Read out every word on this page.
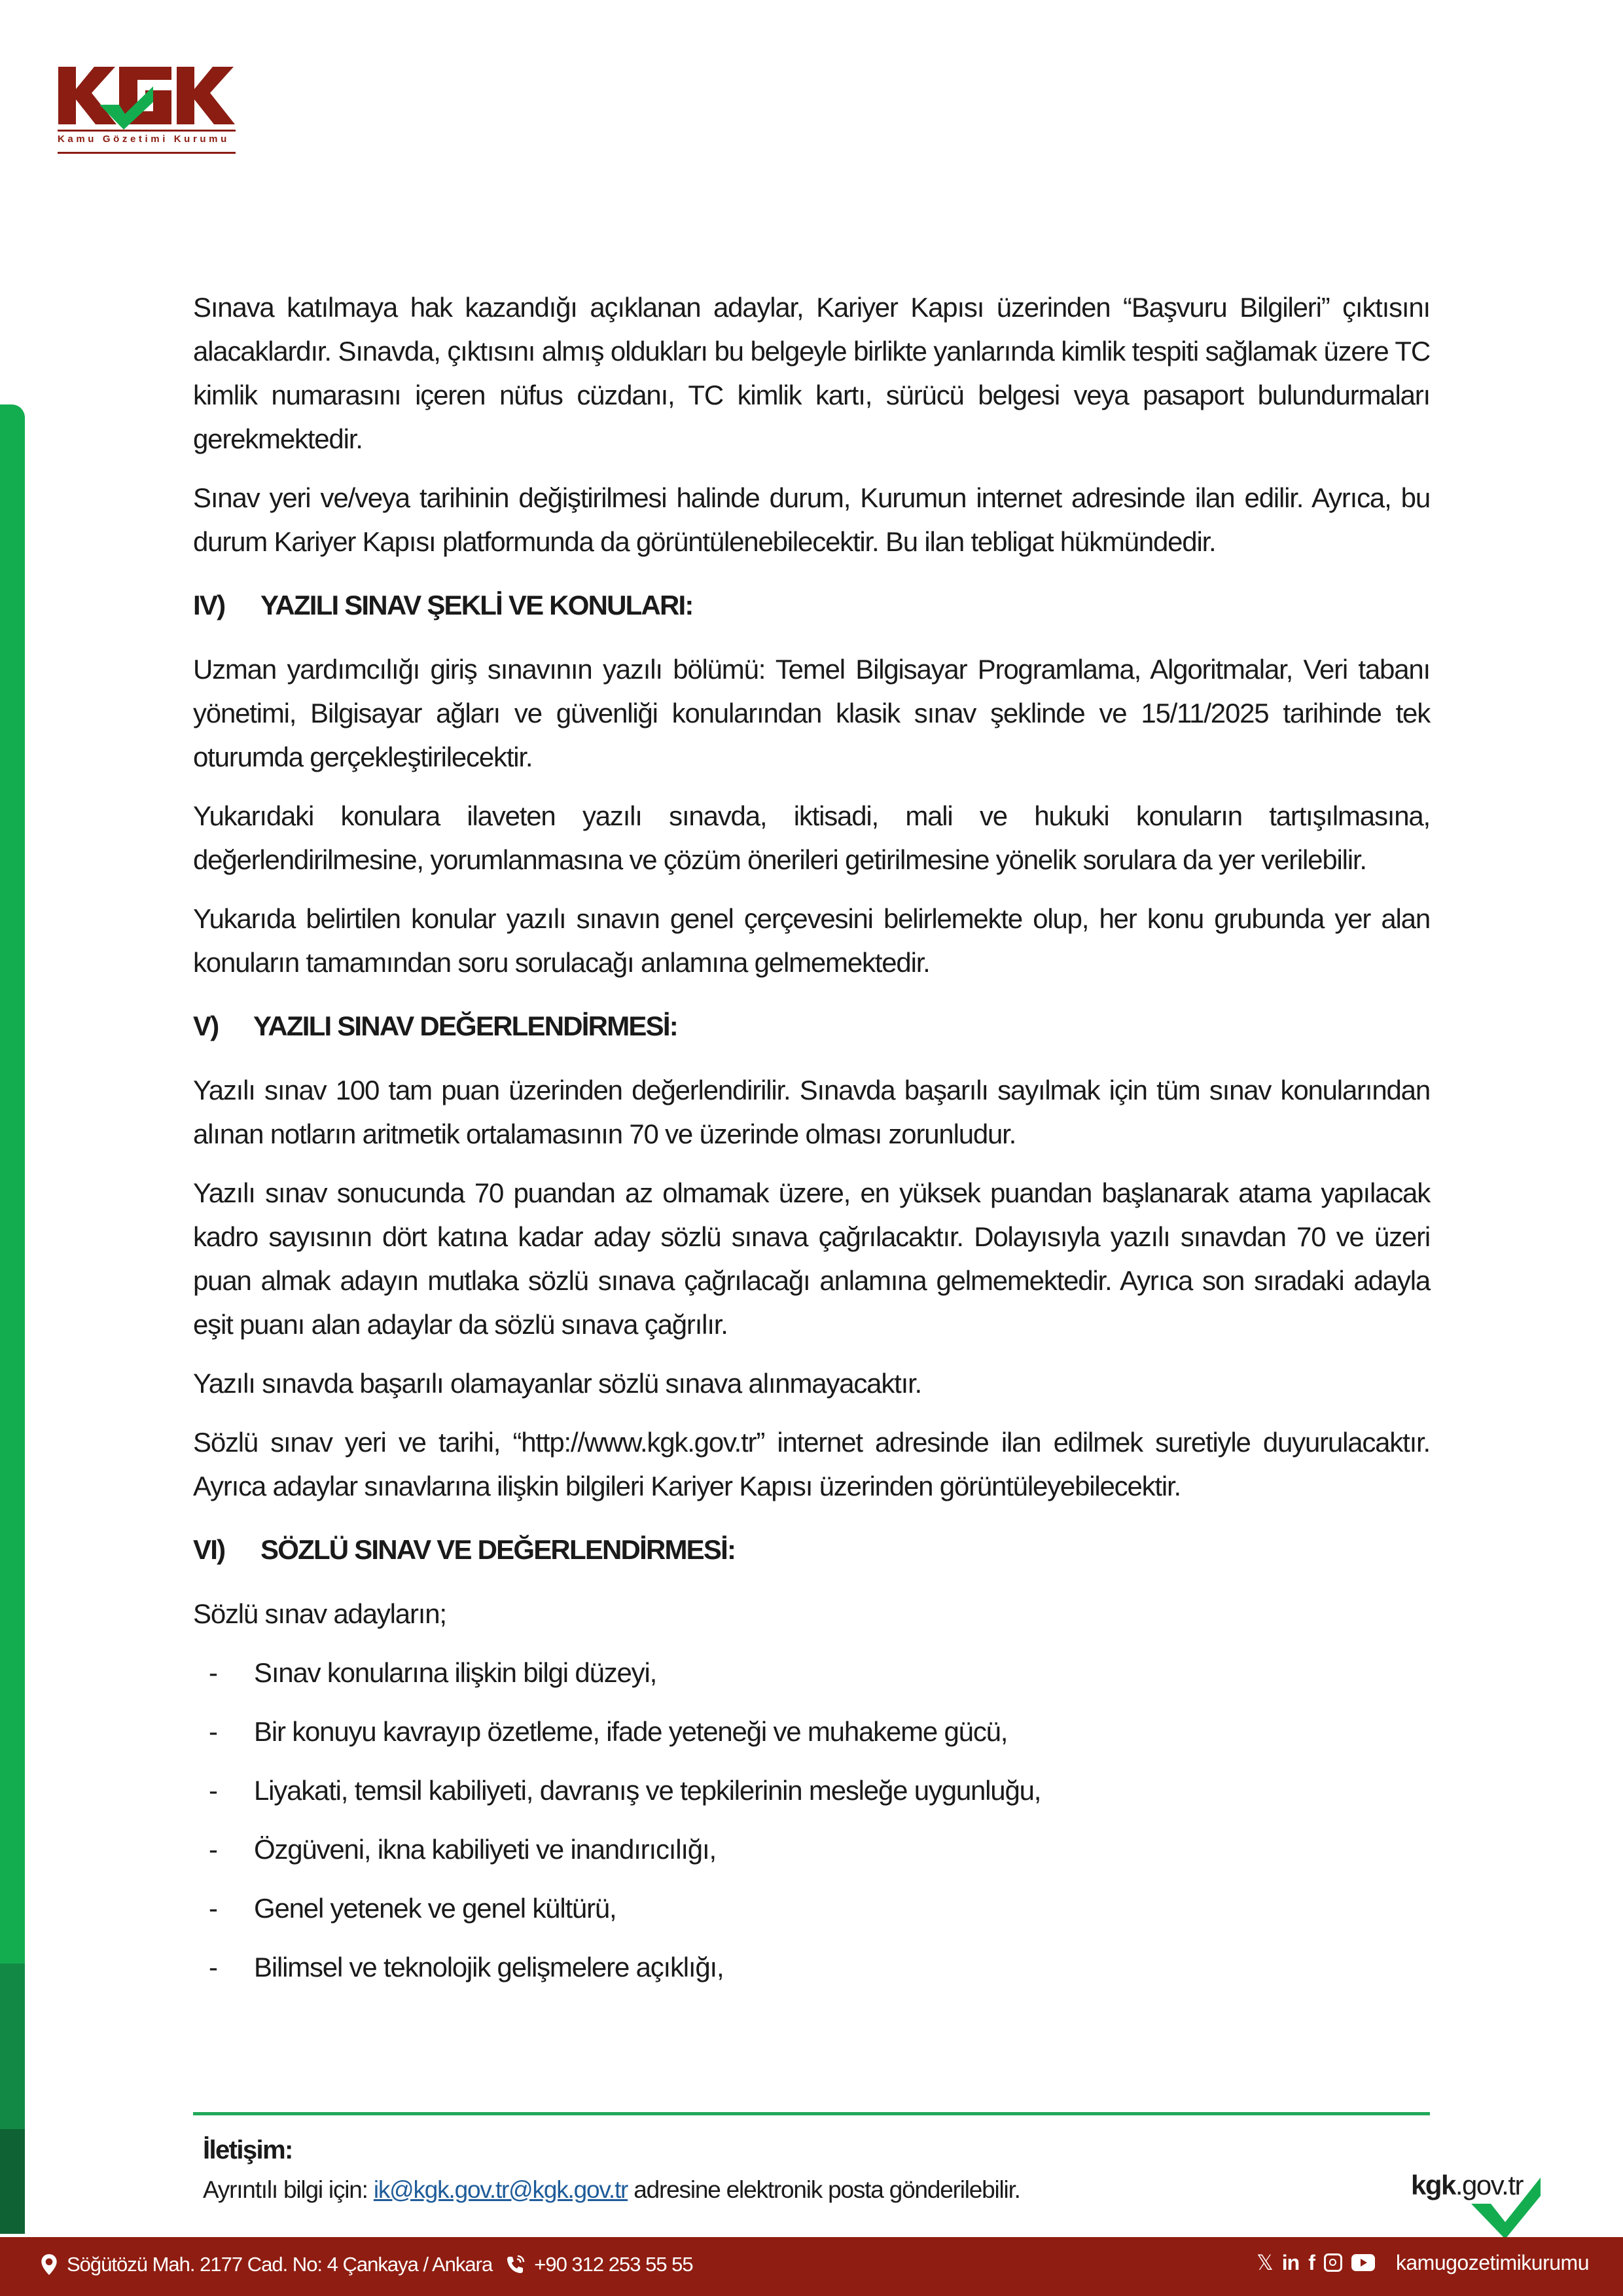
Kamu Gözetimi Kurumu

Sınava katılmaya hak kazandığı açıklanan adaylar, Kariyer Kapısı üzerinden “Başvuru Bilgileri” çıktısını alacaklardır. Sınavda, çıktısını almış oldukları bu belgeyle birlikte yanlarında kimlik tespiti sağlamak üzere TC kimlik numarasını içeren nüfus cüzdanı, TC kimlik kartı, sürücü belgesi veya pasaport bulundurmaları gerekmektedir.

Sınav yeri ve/veya tarihinin değiştirilmesi halinde durum, Kurumun internet adresinde ilan edilir. Ayrıca, bu durum Kariyer Kapısı platformunda da görüntülenebilecektir. Bu ilan tebligat hükmündedir.

IV)	YAZILI SINAV ŞEKLİ VE KONULARI:

Uzman yardımcılığı giriş sınavının yazılı bölümü: Temel Bilgisayar Programlama, Algoritmalar, Veri tabanı yönetimi, Bilgisayar ağları ve güvenliği konularından klasik sınav şeklinde ve 15/11/2025 tarihinde tek oturumda gerçekleştirilecektir.

Yukarıdaki konulara ilaveten yazılı sınavda, iktisadi, mali ve hukuki konuların tartışılmasına, değerlendirilmesine, yorumlanmasına ve çözüm önerileri getirilmesine yönelik sorulara da yer verilebilir.

Yukarıda belirtilen konular yazılı sınavın genel çerçevesini belirlemekte olup, her konu grubunda yer alan konuların tamamından soru sorulacağı anlamına gelmemektedir.

V)	YAZILI SINAV DEĞERLENDİRMESİ:

Yazılı sınav 100 tam puan üzerinden değerlendirilir. Sınavda başarılı sayılmak için tüm sınav konularından alınan notların aritmetik ortalamasının 70 ve üzerinde olması zorunludur.

Yazılı sınav sonucunda 70 puandan az olmamak üzere, en yüksek puandan başlanarak atama yapılacak kadro sayısının dört katına kadar aday sözlü sınava çağrılacaktır. Dolayısıyla yazılı sınavdan 70 ve üzeri puan almak adayın mutlaka sözlü sınava çağrılacağı anlamına gelmemektedir. Ayrıca son sıradaki adayla eşit puanı alan adaylar da sözlü sınava çağrılır.

Yazılı sınavda başarılı olamayanlar sözlü sınava alınmayacaktır.

Sözlü sınav yeri ve tarihi, “http://www.kgk.gov.tr” internet adresinde ilan edilmek suretiyle duyurulacaktır. Ayrıca adaylar sınavlarına ilişkin bilgileri Kariyer Kapısı üzerinden görüntüleyebilecektir.

VI)	SÖZLÜ SINAV VE DEĞERLENDİRMESİ:

Sözlü sınav adayların;

-	Sınav konularına ilişkin bilgi düzeyi,
-	Bir konuyu kavrayıp özetleme, ifade yeteneği ve muhakeme gücü,
-	Liyakati, temsil kabiliyeti, davranış ve tepkilerinin mesleğe uygunluğu,
-	Özgüveni, ikna kabiliyeti ve inandırıcılığı,
-	Genel yetenek ve genel kültürü,
-	Bilimsel ve teknolojik gelişmelere açıklığı,
İletişim:
Ayrıntılı bilgi için: ik@kgk.gov.tr@kgk.gov.tr adresine elektronik posta gönderilebilir.	kgk.gov.tr
Söğütözü Mah. 2177 Cad. No: 4 Çankaya / Ankara +90 312 253 55 55	𝕏 in f	kamugozetimikurumu
